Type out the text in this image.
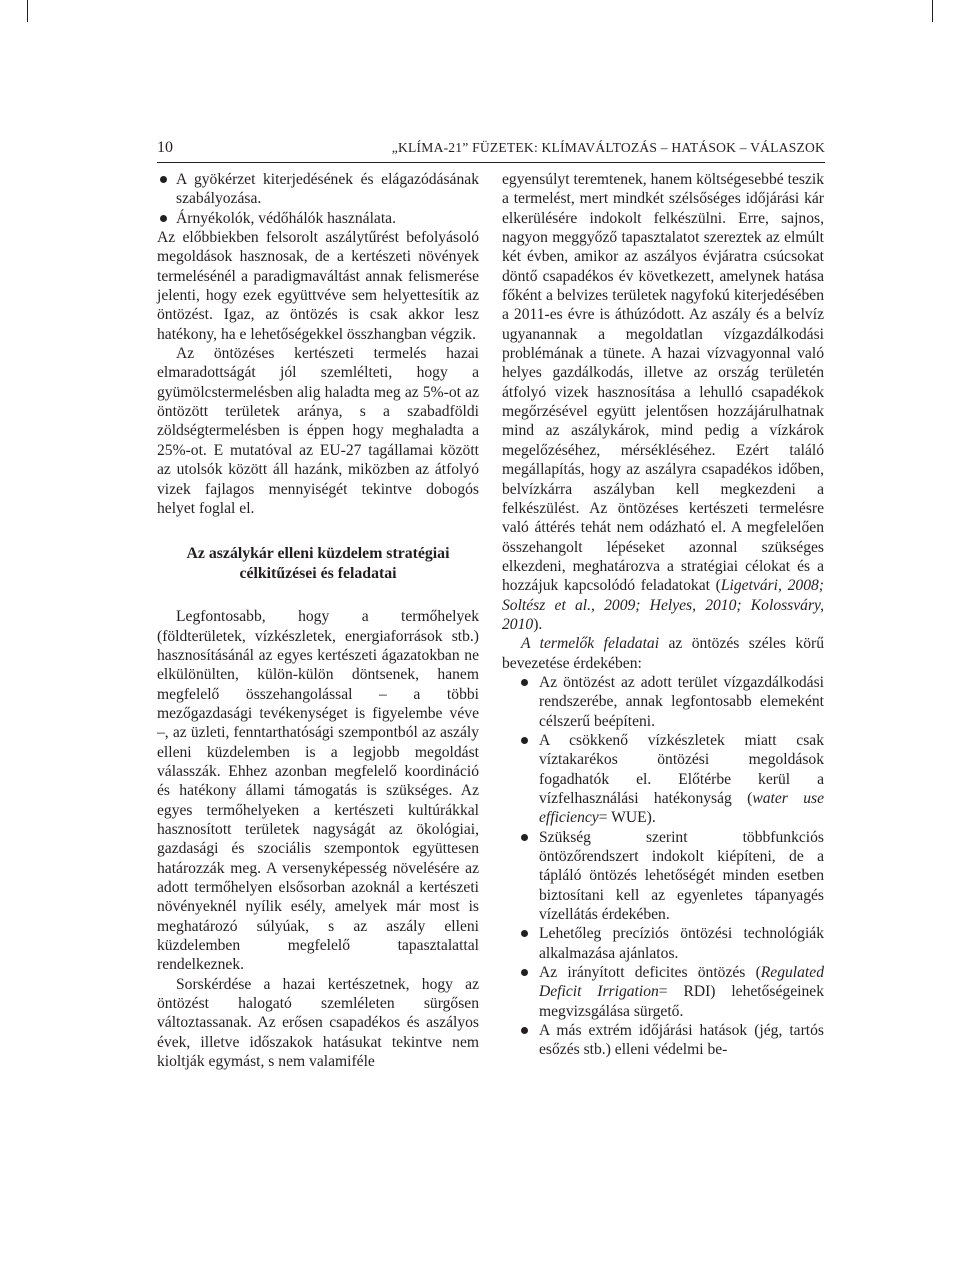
10	„KLÍMA-21” FÜZETEK: KLÍMAVÁLTOZÁS – HATÁSOK – VÁLASZOK
A gyökérzet kiterjedésének és elágazódásának szabályozása.
Árnyékolók, védőhálók használata.

Az előbbiekben felsorolt aszálytűrést befolyásoló megoldások hasznosak, de a kertészeti növények termelésénél a paradigmaváltást annak felismerése jelenti, hogy ezek együttvéve sem helyettesítik az öntözést. Igaz, az öntözés is csak akkor lesz hatékony, ha e lehetőségekkel összhangban végzik.

Az öntözéses kertészeti termelés hazai elmaradottságát jól szemlélteti, hogy a gyümölcstermelésben alig haladta meg az 5%-ot az öntözött területek aránya, s a szabadföldi zöldségtermelésben is éppen hogy meghaladta a 25%-ot. E mutatóval az EU-27 tagállamai között az utolsók között áll hazánk, miközben az átfolyó vizek fajlagos mennyiségét tekintve dobogós helyet foglal el.

Az aszálykár elleni küzdelem stratégiai
célkitűzései és feladatai

Legfontosabb, hogy a termőhelyek (földterületek, vízkészletek, energiaforrások stb.) hasznosításánál az egyes kertészeti ágazatokban ne elkülönülten, külön-külön döntsenek, hanem megfelelő összehangolással – a többi mezőgazdasági tevékenységet is figyelembe véve –, az üzleti, fenntarthatósági szempontból az aszály elleni küzdelemben is a legjobb megoldást válasszák. Ehhez azonban megfelelő koordináció és hatékony állami támogatás is szükséges. Az egyes termőhelyeken a kertészeti kultúrákkal hasznosított területek nagyságát az ökológiai, gazdasági és szociális szempontok együttesen határozzák meg. A versenyképesség növelésére az adott termőhelyen elsősorban azoknál a kertészeti növényeknél nyílik esély, amelyek már most is meghatározó súlyúak, s az aszály elleni küzdelemben megfelelő tapasztalattal rendelkeznek.

Sorskérdése a hazai kertészetnek, hogy az öntözést halogató szemléleten sürgősen változtassanak. Az erősen csapadékos és aszályos évek, illetve időszakok hatásukat tekintve nem kioltják egymást, s nem valamiféle

egyensúlyt teremtenek, hanem költségesebbé teszik a termelést, mert mindkét szélsőséges időjárási kár elkerülésére indokolt felkészülni. Erre, sajnos, nagyon meggyőző tapasztalatot szereztek az elmúlt két évben, amikor az aszályos évjáratra csúcsokat döntő csapadékos év következett, amelynek hatása főként a belvizes területek nagyfokú kiterjedésében a 2011-es évre is áthúzódott. Az aszály és a belvíz ugyanannak a megoldatlan vízgazdálkodási problémának a tünete. A hazai vízvagyonnal való helyes gazdálkodás, illetve az ország területén átfolyó vizek hasznosítása a lehulló csapadékok megőrzésével együtt jelentősen hozzájárulhatnak mind az aszálykárok, mind pedig a vízkárok megelőzéséhez, mérsékléséhez. Ezért találó megállapítás, hogy az aszályra csapadékos időben, belvízkárra aszályban kell megkezdeni a felkészülést. Az öntözéses kertészeti termelésre való áttérés tehát nem odázható el. A megfelelően összehangolt lépéseket azonnal szükséges elkezdeni, meghatározva a stratégiai célokat és a hozzájuk kapcsolódó feladatokat (Ligetvári, 2008; Soltész et al., 2009; Helyes, 2010; Kolossváry, 2010).

A termelők feladatai az öntözés széles körű bevezetése érdekében:

Az öntözést az adott terület vízgazdálkodási rendszerébe, annak legfontosabb elemeként célszerű beépíteni.
A csökkenő vízkészletek miatt csak víztakarékos öntözési megoldások fogadhatók el. Előtérbe kerül a vízfelhasználási hatékonyság (water use efficiency= WUE).
Szükség szerint többfunkciós öntözőrendszert indokolt kiépíteni, de a tápláló öntözés lehetőségét minden esetben biztosítani kell az egyenletes tápanyagés vízellátás érdekében.
Lehetőleg precíziós öntözési technológiák alkalmazása ajánlatos.
Az irányított deficites öntözés (Regulated Deficit Irrigation= RDI) lehetőségeinek megvizsgálása sürgető.
A más extrém időjárási hatások (jég, tartós esőzés stb.) elleni védelmi be-
